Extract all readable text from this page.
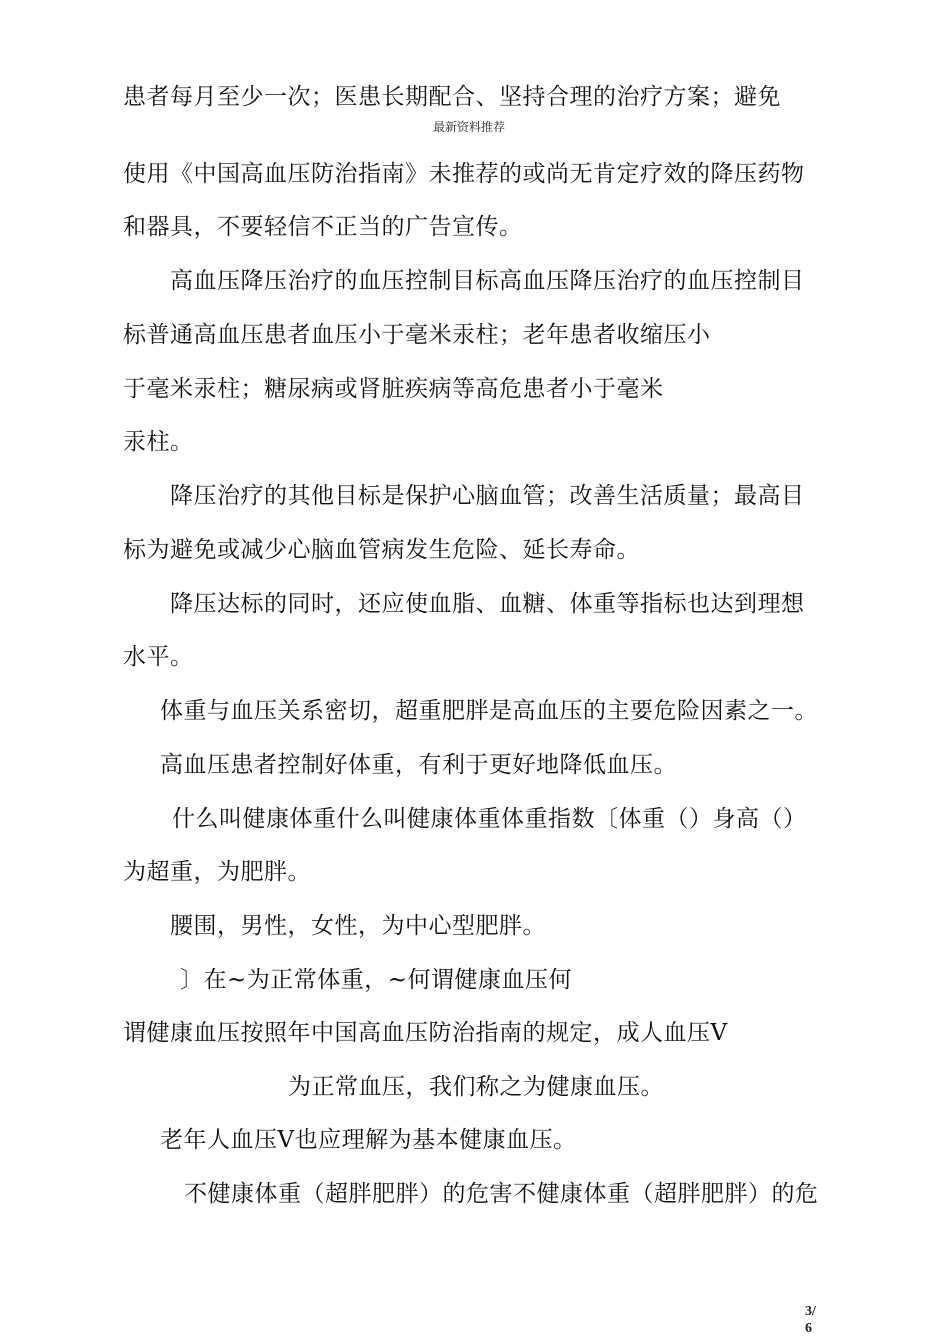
患者每月至少一次；医患长期配合、坚持合理的治疗方案；避免
最新资料推荐
使用《中国高血压防治指南》未推荐的或尚无肯定疗效的降压药物
和器具，不要轻信不正当的广告宣传。
高血压降压治疗的血压控制目标高血压降压治疗的血压控制目
标普通高血压患者血压小于毫米汞柱；老年患者收缩压小
于毫米汞柱；糖尿病或肾脏疾病等高危患者小于毫米
汞柱。
降压治疗的其他目标是保护心脑血管；改善生活质量；最高目
标为避免或减少心脑血管病发生危险、延长寿命。
降压达标的同时，还应使血脂、血糖、体重等指标也达到理想
水平。
体重与血压关系密切，超重肥胖是高血压的主要危险因素之一。
高血压患者控制好体重，有利于更好地降低血压。
什么叫健康体重什么叫健康体重体重指数〔体重（）身高（）
为超重，为肥胖。
腰围，男性，女性，为中心型肥胖。
〕在~为正常体重，~何谓健康血压何
谓健康血压按照年中国高血压防治指南的规定，成人血压V
为正常血压，我们称之为健康血压。
老年人血压V也应理解为基本健康血压。
不健康体重（超胖肥胖）的危害不健康体重（超胖肥胖）的危
3/
6
